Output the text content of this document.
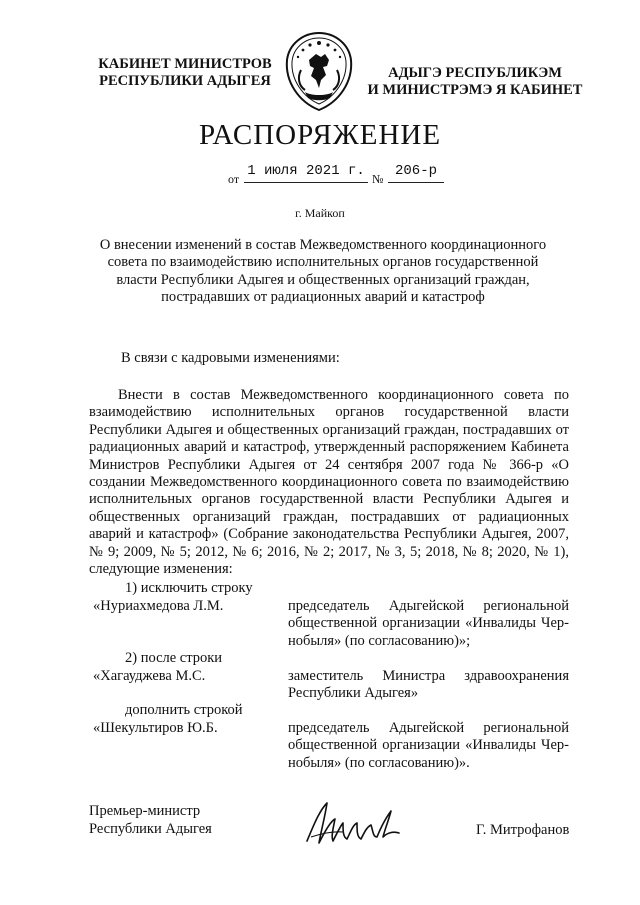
КАБИНЕТ МИНИСТРОВ
РЕСПУБЛИКИ АДЫГЕЯ	АДЫГЭ РЕСПУБЛИКЭМ
И МИНИСТРЭМЭ Я КАБИНЕТ
РАСПОРЯЖЕНИЕ
от 1 июля 2021 г. № 206-р
г. Майкоп
О внесении изменений в состав Межведомственного координационного
совета по взаимодействию исполнительных органов государственной
власти Республики Адыгея и общественных организаций граждан,
пострадавших от радиационных аварий и катастроф
В связи с кадровыми изменениями:

Внести в состав Межведомственного координационного совета по взаимодействию исполнительных органов государственной власти Республики Адыгея и общественных организаций граждан, пострадавших от радиационных аварий и катастроф, утвержденный распоряжением Кабинета Министров Республики Адыгея от 24 сентября 2007 года № 366-р «О создании Межведомственного координационного совета по взаимодействию исполнительных органов государственной власти Республики Адыгея и общественных организаций граждан, пострадавших от радиационных аварий и катастроф» (Собрание законодательства Республики Адыгея, 2007, № 9; 2009, № 5; 2012, № 6; 2016, № 2; 2017, № 3, 5; 2018, № 8; 2020, № 1), следующие изменения:

1) исключить строку
«Нуриахмедова Л.М.	председатель Адыгейской региональной
общественной организации «Инвалиды Чер-
нобыля» (по согласованию)»;
2) после строки
«Хагауджева М.С.	заместитель Министра здравоохранения
Республики Адыгея»
дополнить строкой
«Шекультиров Ю.Б.	председатель Адыгейской региональной
общественной организации «Инвалиды Чер-
нобыля» (по согласованию)».
Премьер-министр
Республики Адыгея	Г. Митрофанов
